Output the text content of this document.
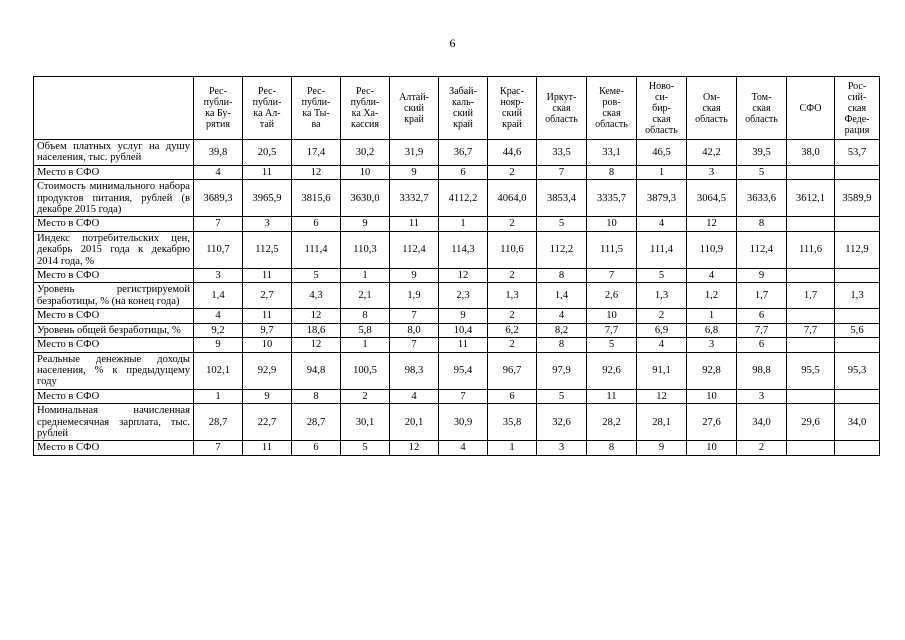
6
	Рес-
публи-
ка Бу-
рятия	Рес-
публи-
ка Ал-
тай	Рес-
публи-
ка Ты-
ва	Рес-
публи-
ка Ха-
кассия	Алтай-
ский
край	Забай-
каль-
ский
край	Крас-
нояр-
ский
край	Иркут-
ская
область	Кеме-
ров-
ская
область	Ново-
си-
бир-
ская
область	Ом-
ская
область	Том-
ская
область	СФО	Рос-
сий-
ская
Феде-
рация
Объем платных услуг на душу населения, тыс. рублей	39,8	20,5	17,4	30,2	31,9	36,7	44,6	33,5	33,1	46,5	42,2	39,5	38,0	53,7
Место в СФО	4	11	12	10	9	6	2	7	8	1	3	5		
Стоимость минимального набора продуктов питания, рублей (в декабре 2015 года)	3689,3	3965,9	3815,6	3630,0	3332,7	4112,2	4064,0	3853,4	3335,7	3879,3	3064,5	3633,6	3612,1	3589,9
Место в СФО	7	3	6	9	11	1	2	5	10	4	12	8		
Индекс потребительских цен, декабрь 2015 года к декабрю 2014 года, %	110,7	112,5	111,4	110,3	112,4	114,3	110,6	112,2	111,5	111,4	110,9	112,4	111,6	112,9
Место в СФО	3	11	5	1	9	12	2	8	7	5	4	9		
Уровень регистрируемой безработицы, % (на конец года)	1,4	2,7	4,3	2,1	1,9	2,3	1,3	1,4	2,6	1,3	1,2	1,7	1,7	1,3
Место в СФО	4	11	12	8	7	9	2	4	10	2	1	6		
Уровень общей безработицы, %	9,2	9,7	18,6	5,8	8,0	10,4	6,2	8,2	7,7	6,9	6,8	7,7	7,7	5,6
Место в СФО	9	10	12	1	7	11	2	8	5	4	3	6		
Реальные денежные доходы населения, % к предыдущему году	102,1	92,9	94,8	100,5	98,3	95,4	96,7	97,9	92,6	91,1	92,8	98,8	95,5	95,3
Место в СФО	1	9	8	2	4	7	6	5	11	12	10	3		
Номинальная начисленная среднемесячная зарплата, тыс. рублей	28,7	22,7	28,7	30,1	20,1	30,9	35,8	32,6	28,2	28,1	27,6	34,0	29,6	34,0
Место в СФО	7	11	6	5	12	4	1	3	8	9	10	2		
